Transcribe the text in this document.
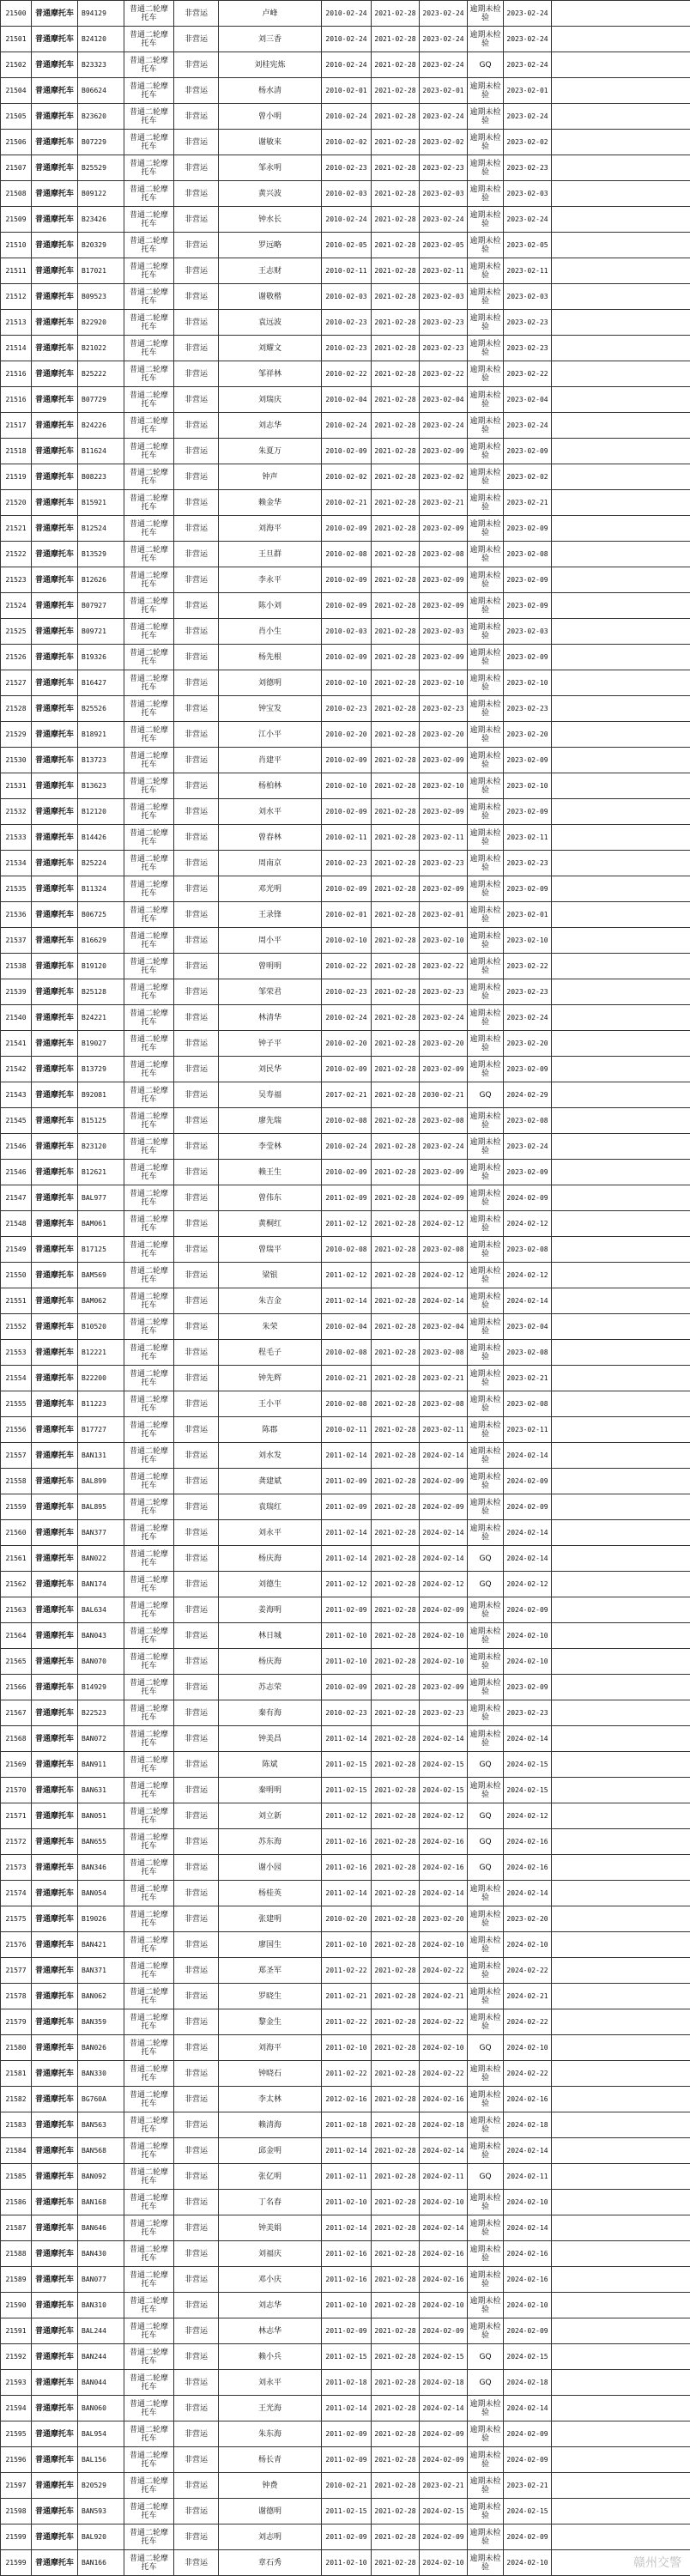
21500	普通摩托车	B94129	普通二轮摩托车	非营运	卢峰	2010-02-24	2021-02-28	2023-02-24	逾期未检验	2023-02-24	
21501	普通摩托车	B24120	普通二轮摩托车	非营运	刘三香	2010-02-24	2021-02-28	2023-02-24	逾期未检验	2023-02-24	
21502	普通摩托车	B23323	普通二轮摩托车	非营运	刘桂宪炼	2010-02-24	2021-02-28	2023-02-24	GQ	2023-02-24	
21504	普通摩托车	B06624	普通二轮摩托车	非营运	杨水清	2010-02-01	2021-02-28	2023-02-01	逾期未检验	2023-02-01	
21505	普通摩托车	B23620	普通二轮摩托车	非营运	曾小明	2010-02-24	2021-02-28	2023-02-24	逾期未检验	2023-02-24	
21506	普通摩托车	B07229	普通二轮摩托车	非营运	谢敏来	2010-02-02	2021-02-28	2023-02-02	逾期未检验	2023-02-02	
21507	普通摩托车	B25529	普通二轮摩托车	非营运	邹永明	2010-02-23	2021-02-28	2023-02-23	逾期未检验	2023-02-23	
21508	普通摩托车	B09122	普通二轮摩托车	非营运	黄兴波	2010-02-03	2021-02-28	2023-02-03	逾期未检验	2023-02-03	
21509	普通摩托车	B23426	普通二轮摩托车	非营运	钟水长	2010-02-24	2021-02-28	2023-02-24	逾期未检验	2023-02-24	
21510	普通摩托车	B20329	普通二轮摩托车	非营运	罗远略	2010-02-05	2021-02-28	2023-02-05	逾期未检验	2023-02-05	
21511	普通摩托车	B17021	普通二轮摩托车	非营运	王志财	2010-02-11	2021-02-28	2023-02-11	逾期未检验	2023-02-11	
21512	普通摩托车	B09523	普通二轮摩托车	非营运	谢敬楷	2010-02-03	2021-02-28	2023-02-03	逾期未检验	2023-02-03	
21513	普通摩托车	B22920	普通二轮摩托车	非营运	袁远波	2010-02-23	2021-02-28	2023-02-23	逾期未检验	2023-02-23	
21514	普通摩托车	B21022	普通二轮摩托车	非营运	刘耀文	2010-02-23	2021-02-28	2023-02-23	逾期未检验	2023-02-23	
21516	普通摩托车	B25222	普通二轮摩托车	非营运	邹祥林	2010-02-22	2021-02-28	2023-02-22	逾期未检验	2023-02-22	
21516	普通摩托车	B07729	普通二轮摩托车	非营运	刘瑞庆	2010-02-04	2021-02-28	2023-02-04	逾期未检验	2023-02-04	
21517	普通摩托车	B24226	普通二轮摩托车	非营运	刘志华	2010-02-24	2021-02-28	2023-02-24	逾期未检验	2023-02-24	
21518	普通摩托车	B11624	普通二轮摩托车	非营运	朱夏万	2010-02-09	2021-02-28	2023-02-09	逾期未检验	2023-02-09	
21519	普通摩托车	B08223	普通二轮摩托车	非营运	钟声	2010-02-02	2021-02-28	2023-02-02	逾期未检验	2023-02-02	
21520	普通摩托车	B15921	普通二轮摩托车	非营运	赖金华	2010-02-21	2021-02-28	2023-02-21	逾期未检验	2023-02-21	
21521	普通摩托车	B12524	普通二轮摩托车	非营运	刘海平	2010-02-09	2021-02-28	2023-02-09	逾期未检验	2023-02-09	
21522	普通摩托车	B13529	普通二轮摩托车	非营运	王旦群	2010-02-08	2021-02-28	2023-02-08	逾期未检验	2023-02-08	
21523	普通摩托车	B12626	普通二轮摩托车	非营运	李永平	2010-02-09	2021-02-28	2023-02-09	逾期未检验	2023-02-09	
21524	普通摩托车	B07927	普通二轮摩托车	非营运	陈小刘	2010-02-09	2021-02-28	2023-02-09	逾期未检验	2023-02-09	
21525	普通摩托车	B09721	普通二轮摩托车	非营运	肖小生	2010-02-03	2021-02-28	2023-02-03	逾期未检验	2023-02-03	
21526	普通摩托车	B19326	普通二轮摩托车	非营运	杨先根	2010-02-09	2021-02-28	2023-02-09	逾期未检验	2023-02-09	
21527	普通摩托车	B16427	普通二轮摩托车	非营运	刘德明	2010-02-10	2021-02-28	2023-02-10	逾期未检验	2023-02-10	
21528	普通摩托车	B25526	普通二轮摩托车	非营运	钟宝发	2010-02-23	2021-02-28	2023-02-23	逾期未检验	2023-02-23	
21529	普通摩托车	B18921	普通二轮摩托车	非营运	江小平	2010-02-20	2021-02-28	2023-02-20	逾期未检验	2023-02-20	
21530	普通摩托车	B13723	普通二轮摩托车	非营运	肖建平	2010-02-09	2021-02-28	2023-02-09	逾期未检验	2023-02-09	
21531	普通摩托车	B13623	普通二轮摩托车	非营运	杨柏林	2010-02-10	2021-02-28	2023-02-10	逾期未检验	2023-02-10	
21532	普通摩托车	B12120	普通二轮摩托车	非营运	刘水平	2010-02-09	2021-02-28	2023-02-09	逾期未检验	2023-02-09	
21533	普通摩托车	B14426	普通二轮摩托车	非营运	曾春林	2010-02-11	2021-02-28	2023-02-11	逾期未检验	2023-02-11	
21534	普通摩托车	B25224	普通二轮摩托车	非营运	周南京	2010-02-23	2021-02-28	2023-02-23	逾期未检验	2023-02-23	
21535	普通摩托车	B11324	普通二轮摩托车	非营运	邓光明	2010-02-09	2021-02-28	2023-02-09	逾期未检验	2023-02-09	
21536	普通摩托车	B06725	普通二轮摩托车	非营运	王录锋	2010-02-01	2021-02-28	2023-02-01	逾期未检验	2023-02-01	
21537	普通摩托车	B16629	普通二轮摩托车	非营运	周小平	2010-02-10	2021-02-28	2023-02-10	逾期未检验	2023-02-10	
21538	普通摩托车	B19120	普通二轮摩托车	非营运	曾明明	2010-02-22	2021-02-28	2023-02-22	逾期未检验	2023-02-22	
21539	普通摩托车	B25128	普通二轮摩托车	非营运	邹荣君	2010-02-23	2021-02-28	2023-02-23	逾期未检验	2023-02-23	
21540	普通摩托车	B24221	普通二轮摩托车	非营运	林清华	2010-02-24	2021-02-28	2023-02-24	逾期未检验	2023-02-24	
21541	普通摩托车	B19027	普通二轮摩托车	非营运	钟子平	2010-02-20	2021-02-28	2023-02-20	逾期未检验	2023-02-20	
21542	普通摩托车	B13729	普通二轮摩托车	非营运	刘民华	2010-02-09	2021-02-28	2023-02-09	逾期未检验	2023-02-09	
21543	普通摩托车	B92081	普通二轮摩托车	非营运	吴寿福	2017-02-21	2021-02-28	2030-02-21	GQ	2024-02-29	
21545	普通摩托车	B15125	普通二轮摩托车	非营运	廖先瑞	2010-02-08	2021-02-28	2023-02-08	逾期未检验	2023-02-08	
21546	普通摩托车	B23120	普通二轮摩托车	非营运	李莹林	2010-02-24	2021-02-28	2023-02-24	逾期未检验	2023-02-24	
21546	普通摩托车	B12621	普通二轮摩托车	非营运	赖王生	2010-02-09	2021-02-28	2023-02-09	逾期未检验	2023-02-09	
21547	普通摩托车	BAL977	普通二轮摩托车	非营运	曾伟东	2011-02-09	2021-02-28	2024-02-09	逾期未检验	2024-02-09	
21548	普通摩托车	BAM061	普通二轮摩托车	非营运	黄桐红	2011-02-12	2021-02-28	2024-02-12	逾期未检验	2024-02-12	
21549	普通摩托车	B17125	普通二轮摩托车	非营运	曾瑞平	2010-02-08	2021-02-28	2023-02-08	逾期未检验	2023-02-08	
21550	普通摩托车	BAM569	普通二轮摩托车	非营运	梁银	2011-02-12	2021-02-28	2024-02-12	逾期未检验	2024-02-12	
21551	普通摩托车	BAM062	普通二轮摩托车	非营运	朱吉金	2011-02-14	2021-02-28	2024-02-14	逾期未检验	2024-02-14	
21552	普通摩托车	B10520	普通二轮摩托车	非营运	朱荣	2010-02-04	2021-02-28	2023-02-04	逾期未检验	2023-02-04	
21553	普通摩托车	B12221	普通二轮摩托车	非营运	程毛子	2010-02-08	2021-02-28	2023-02-08	逾期未检验	2023-02-08	
21554	普通摩托车	B22200	普通二轮摩托车	非营运	钟先辉	2010-02-21	2021-02-28	2023-02-21	逾期未检验	2023-02-21	
21555	普通摩托车	B11223	普通二轮摩托车	非营运	王小平	2010-02-08	2021-02-28	2023-02-08	逾期未检验	2023-02-08	
21556	普通摩托车	B17727	普通二轮摩托车	非营运	陈郡	2010-02-11	2021-02-28	2023-02-11	逾期未检验	2023-02-11	
21557	普通摩托车	BAN131	普通二轮摩托车	非营运	刘水发	2011-02-14	2021-02-28	2024-02-14	逾期未检验	2024-02-14	
21558	普通摩托车	BAL899	普通二轮摩托车	非营运	龚建斌	2011-02-09	2021-02-28	2024-02-09	逾期未检验	2024-02-09	
21559	普通摩托车	BAL895	普通二轮摩托车	非营运	袁瑞红	2011-02-09	2021-02-28	2024-02-09	逾期未检验	2024-02-09	
21560	普通摩托车	BAN377	普通二轮摩托车	非营运	刘永平	2011-02-14	2021-02-28	2024-02-14	逾期未检验	2024-02-14	
21561	普通摩托车	BAN022	普通二轮摩托车	非营运	杨庆海	2011-02-14	2021-02-28	2024-02-14	GQ	2024-02-14	
21562	普通摩托车	BAN174	普通二轮摩托车	非营运	刘德生	2011-02-12	2021-02-28	2024-02-12	GQ	2024-02-12	
21563	普通摩托车	BAL634	普通二轮摩托车	非营运	姜海明	2011-02-09	2021-02-28	2024-02-09	逾期未检验	2024-02-09	
21564	普通摩托车	BAN043	普通二轮摩托车	非营运	林日城	2011-02-10	2021-02-28	2024-02-10	逾期未检验	2024-02-10	
21565	普通摩托车	BAN070	普通二轮摩托车	非营运	杨庆海	2011-02-10	2021-02-28	2024-02-10	逾期未检验	2024-02-10	
21566	普通摩托车	B14929	普通二轮摩托车	非营运	苏志荣	2010-02-09	2021-02-28	2023-02-09	逾期未检验	2023-02-09	
21567	普通摩托车	B22523	普通二轮摩托车	非营运	秦有海	2010-02-23	2021-02-28	2023-02-23	逾期未检验	2023-02-23	
21568	普通摩托车	BAN072	普通二轮摩托车	非营运	钟美昌	2011-02-14	2021-02-28	2024-02-14	逾期未检验	2024-02-14	
21569	普通摩托车	BAN911	普通二轮摩托车	非营运	陈斌	2011-02-15	2021-02-28	2024-02-15	GQ	2024-02-15	
21570	普通摩托车	BAN631	普通二轮摩托车	非营运	秦明明	2011-02-15	2021-02-28	2024-02-15	逾期未检验	2024-02-15	
21571	普通摩托车	BAN051	普通二轮摩托车	非营运	刘立新	2011-02-12	2021-02-28	2024-02-12	GQ	2024-02-12	
21572	普通摩托车	BAN655	普通二轮摩托车	非营运	苏东海	2011-02-16	2021-02-28	2024-02-16	GQ	2024-02-16	
21573	普通摩托车	BAN346	普通二轮摩托车	非营运	谢小园	2011-02-16	2021-02-28	2024-02-16	GQ	2024-02-16	
21574	普通摩托车	BAN054	普通二轮摩托车	非营运	杨桂英	2011-02-14	2021-02-28	2024-02-14	逾期未检验	2024-02-14	
21575	普通摩托车	B19026	普通二轮摩托车	非营运	张建明	2010-02-20	2021-02-28	2023-02-20	逾期未检验	2023-02-20	
21576	普通摩托车	BAN421	普通二轮摩托车	非营运	廖国生	2011-02-10	2021-02-28	2024-02-10	逾期未检验	2024-02-10	
21577	普通摩托车	BAN371	普通二轮摩托车	非营运	郑圣军	2011-02-22	2021-02-28	2024-02-22	逾期未检验	2024-02-22	
21578	普通摩托车	BAN062	普通二轮摩托车	非营运	罗晓生	2011-02-21	2021-02-28	2024-02-21	逾期未检验	2024-02-21	
21579	普通摩托车	BAN359	普通二轮摩托车	非营运	黎金生	2011-02-22	2021-02-28	2024-02-22	逾期未检验	2024-02-22	
21580	普通摩托车	BAN026	普通二轮摩托车	非营运	刘海平	2011-02-10	2021-02-28	2024-02-10	GQ	2024-02-10	
21581	普通摩托车	BAN330	普通二轮摩托车	非营运	钟晓石	2011-02-22	2021-02-28	2024-02-22	逾期未检验	2024-02-22	
21582	普通摩托车	BG760A	普通二轮摩托车	非营运	李太林	2012-02-16	2021-02-28	2024-02-16	逾期未检验	2024-02-16	
21583	普通摩托车	BAN563	普通二轮摩托车	非营运	赖清海	2011-02-18	2021-02-28	2024-02-18	逾期未检验	2024-02-18	
21584	普通摩托车	BAN568	普通二轮摩托车	非营运	邱金明	2011-02-14	2021-02-28	2024-02-14	逾期未检验	2024-02-14	
21585	普通摩托车	BAN092	普通二轮摩托车	非营运	张亿明	2011-02-11	2021-02-28	2024-02-11	GQ	2024-02-11	
21586	普通摩托车	BAN168	普通二轮摩托车	非营运	丁名春	2011-02-10	2021-02-28	2024-02-10	逾期未检验	2024-02-10	
21587	普通摩托车	BAN646	普通二轮摩托车	非营运	钟美娟	2011-02-14	2021-02-28	2024-02-14	逾期未检验	2024-02-14	
21588	普通摩托车	BAN430	普通二轮摩托车	非营运	刘福庆	2011-02-16	2021-02-28	2024-02-16	逾期未检验	2024-02-16	
21589	普通摩托车	BAN077	普通二轮摩托车	非营运	邓小庆	2011-02-16	2021-02-28	2024-02-16	逾期未检验	2024-02-16	
21590	普通摩托车	BAN310	普通二轮摩托车	非营运	刘志华	2011-02-10	2021-02-28	2024-02-10	逾期未检验	2024-02-10	
21591	普通摩托车	BAL244	普通二轮摩托车	非营运	林志华	2011-02-09	2021-02-28	2024-02-09	逾期未检验	2024-02-09	
21592	普通摩托车	BAN244	普通二轮摩托车	非营运	赖小兵	2011-02-15	2021-02-28	2024-02-15	GQ	2024-02-15	
21593	普通摩托车	BAN044	普通二轮摩托车	非营运	刘永平	2011-02-18	2021-02-28	2024-02-18	GQ	2024-02-18	
21594	普通摩托车	BAN060	普通二轮摩托车	非营运	王光海	2011-02-14	2021-02-28	2024-02-14	逾期未检验	2024-02-14	
21595	普通摩托车	BAL954	普通二轮摩托车	非营运	朱东海	2011-02-09	2021-02-28	2024-02-09	逾期未检验	2024-02-09	
21596	普通摩托车	BAL156	普通二轮摩托车	非营运	杨长青	2011-02-09	2021-02-28	2024-02-09	逾期未检验	2024-02-09	
21597	普通摩托车	B20529	普通二轮摩托车	非营运	钟费	2010-02-21	2021-02-28	2023-02-21	逾期未检验	2023-02-21	
21598	普通摩托车	BAN593	普通二轮摩托车	非营运	谢德明	2011-02-15	2021-02-28	2024-02-15	逾期未检验	2024-02-15	
21599	普通摩托车	BAL920	普通二轮摩托车	非营运	刘志明	2011-02-09	2021-02-28	2024-02-09	逾期未检验	2024-02-09	
21599	普通摩托车	BAN166	普通二轮摩托车	非营运	章石秀	2011-02-10	2021-02-28	2024-02-10	逾期未检验	2024-02-10		赣州交警
